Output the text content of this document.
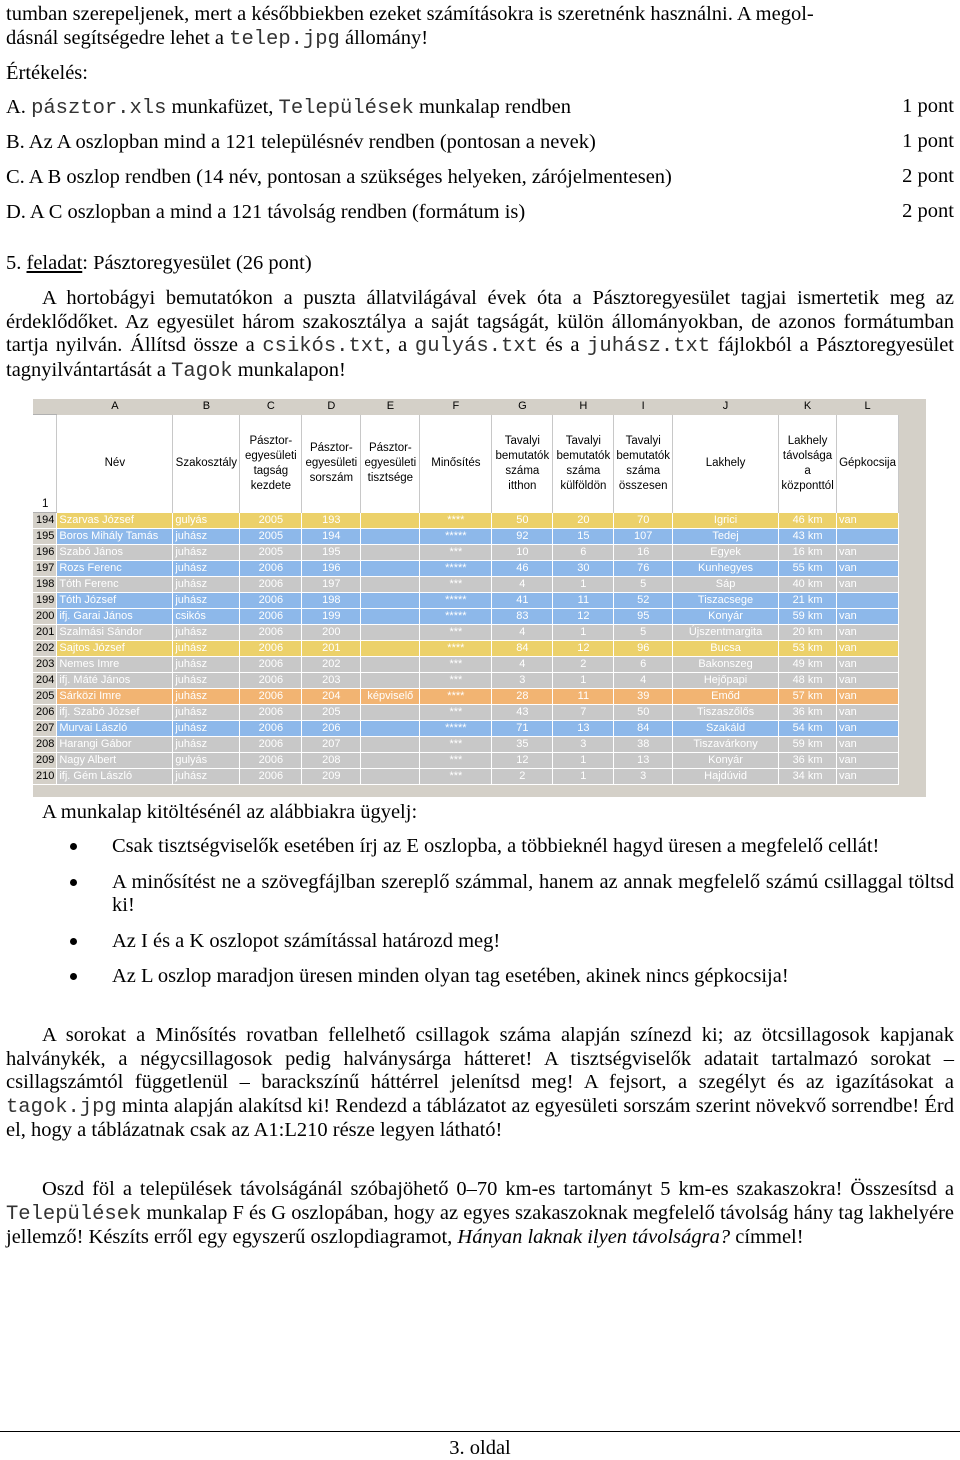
tumban szerepeljenek, mert a későbbiekben ezeket számításokra is szeretnénk használni. A megol-
dásnál segítségedre lehet a telep.jpg állomány!
Értékelés:
A. pásztor.xls munkafüzet, Települések munkalap rendben	1 pont
B. Az A oszlopban mind a 121 településnév rendben (pontosan a nevek)	1 pont
C. A B oszlop rendben (14 név, pontosan a szükséges helyeken, zárójelmentesen)	2 pont
D. A C oszlopban a mind a 121 távolság rendben (formátum is)	2 pont
5. feladat: Pásztoregyesület (26 pont)
A hortobágyi bemutatókon a puszta állatvilágával évek óta a Pásztoregyesület tagjai ismertetik meg az érdeklődőket. Az egyesület három szakosztálya a saját tagságát, külön állományokban, de azonos formátumban tartja nyilván. Állítsd össze a csikós.txt, a gulyás.txt és a juhász.txt fájlokból a Pásztoregyesület tagnyilvántartását a Tagok munkalapon!
	A	B	C	D	E	F	G	H	I	J	K	L
1	Név	Szakosztály	Pásztor-egyesületi tagság kezdete	Pásztor-egyesületi sorszám	Pásztor-egyesületi tisztsége	Minősítés	Tavalyi bemutatók száma itthon	Tavalyi bemutatók száma külföldön	Tavalyi bemutatók száma összesen	Lakhely	Lakhely távolsága a központtól	Gépkocsija
194	Szarvas József	gulyás	2005	193		****	50	20	70	Igrici	46 km	van
195	Boros Mihály Tamás	juhász	2005	194		*****	92	15	107	Tedej	43 km	
196	Szabó János	juhász	2005	195		***	10	6	16	Egyek	16 km	van
197	Rozs Ferenc	juhász	2006	196		*****	46	30	76	Kunhegyes	55 km	van
198	Tóth Ferenc	juhász	2006	197		***	4	1	5	Sáp	40 km	van
199	Tóth József	juhász	2006	198		*****	41	11	52	Tiszacsege	21 km	
200	ifj. Garai János	csikós	2006	199		*****	83	12	95	Konyár	59 km	van
201	Szalmási Sándor	juhász	2006	200		***	4	1	5	Újszentmargita	20 km	van
202	Sajtos József	juhász	2006	201		****	84	12	96	Bucsa	53 km	van
203	Nemes Imre	juhász	2006	202		***	4	2	6	Bakonszeg	49 km	van
204	ifj. Máté János	juhász	2006	203		***	3	1	4	Hejőpapi	48 km	van
205	Sárközi Imre	juhász	2006	204	képviselő	****	28	11	39	Emőd	57 km	van
206	ifj. Szabó József	juhász	2006	205		***	43	7	50	Tiszaszőlős	36 km	van
207	Murvai László	juhász	2006	206		*****	71	13	84	Szakáld	54 km	van
208	Harangi Gábor	juhász	2006	207		***	35	3	38	Tiszavárkony	59 km	van
209	Nagy Albert	gulyás	2006	208		***	12	1	13	Konyár	36 km	van
210	ifj. Gém László	juhász	2006	209		***	2	1	3	Hajdúvid	34 km	van
A munkalap kitöltésénél az alábbiakra ügyelj:
Csak tisztségviselők esetében írj az E oszlopba, a többieknél hagyd üresen a megfelelő cellát!
A minősítést ne a szövegfájlban szereplő számmal, hanem az annak megfelelő számú csillaggal töltsd ki!
Az I és a K oszlopot számítással határozd meg!
Az L oszlop maradjon üresen minden olyan tag esetében, akinek nincs gépkocsija!
A sorokat a Minősítés rovatban fellelhető csillagok száma alapján színezd ki; az ötcsillagosok kapjanak halványkék, a négycsillagosok pedig halványsárga hátteret! A tisztségviselők adatait tartalmazó sorokat – csillagszámtól függetlenül – barackszínű háttérrel jelenítsd meg! A fejsort, a szegélyt és az igazításokat a tagok.jpg minta alapján alakítsd ki! Rendezd a táblázatot az egyesületi sorszám szerint növekvő sorrendbe! Érd el, hogy a táblázatnak csak az A1:L210 része legyen látható!
Oszd föl a települések távolságánál szóbajöhető 0–70 km-es tartományt 5 km-es szakaszokra! Összesítsd a Települések munkalap F és G oszlopában, hogy az egyes szakaszoknak megfelelő távolság hány tag lakhelyére jellemző! Készíts erről egy egyszerű oszlopdiagramot, Hányan laknak ilyen távolságra? címmel!
3. oldal
